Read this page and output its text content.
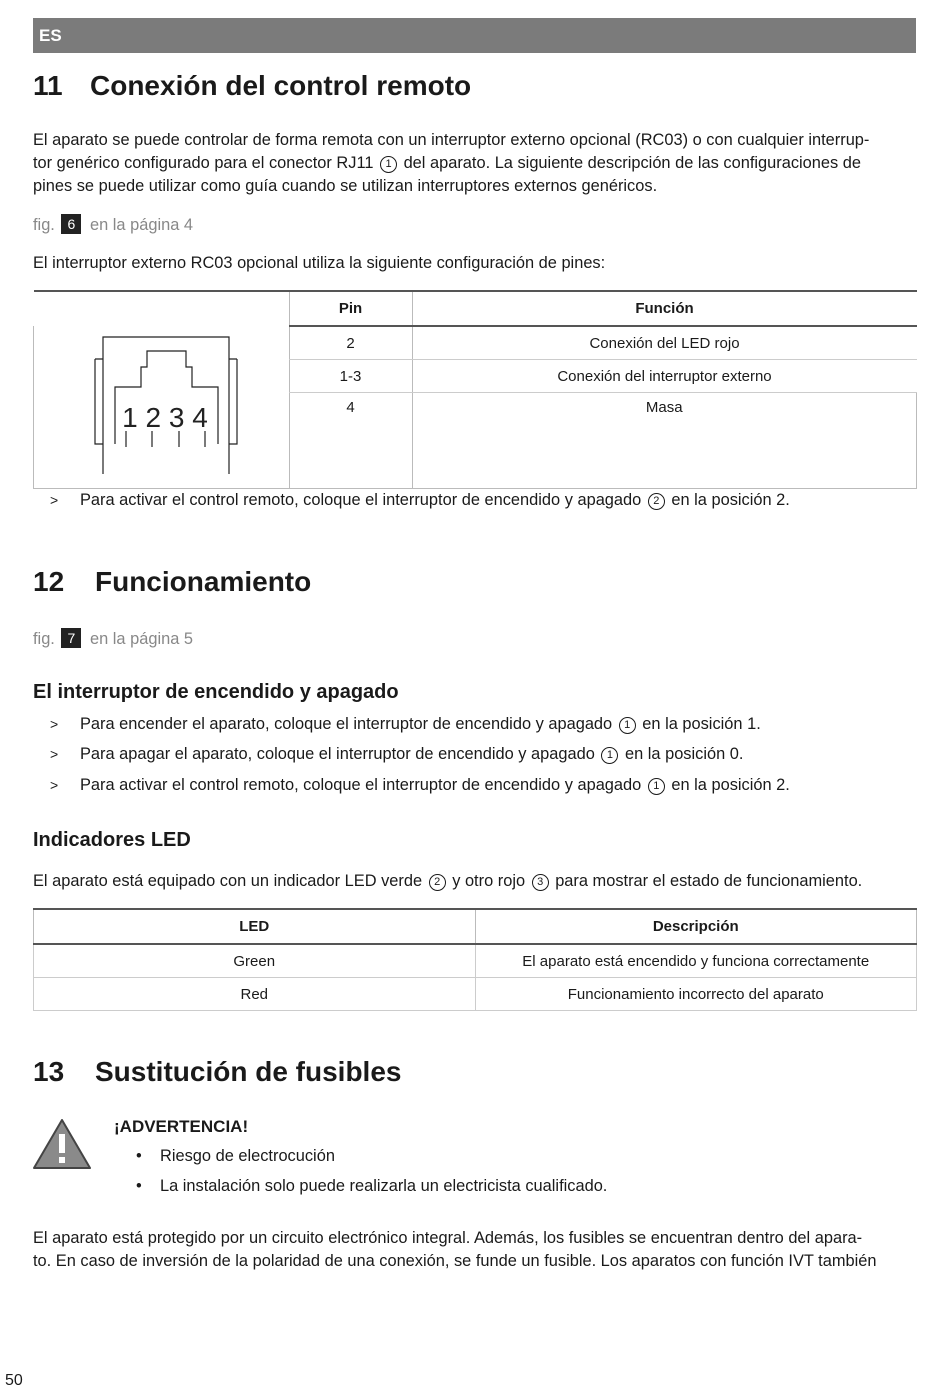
ES
11 Conexión del control remoto
El aparato se puede controlar de forma remota con un interruptor externo opcional (RC03) o con cualquier interrup-
tor genérico configurado para el conector RJ11 1 del aparato. La siguiente descripción de las configuraciones de
pines se puede utilizar como guía cuando se utilizan interruptores externos genéricos.
fig. 6 en la página 4
El interruptor externo RC03 opcional utiliza la siguiente configuración de pines:
	Pin	Función

1 2 3 4	2	Conexión del LED rojo
	1-3	Conexión del interruptor externo
	4	Masa
> Para activar el control remoto, coloque el interruptor de encendido y apagado 2 en la posición 2.
12 Funcionamiento
fig. 7 en la página 5
El interruptor de encendido y apagado
> Para encender el aparato, coloque el interruptor de encendido y apagado 1 en la posición 1.
> Para apagar el aparato, coloque el interruptor de encendido y apagado 1 en la posición 0.
> Para activar el control remoto, coloque el interruptor de encendido y apagado 1 en la posición 2.
Indicadores LED
El aparato está equipado con un indicador LED verde 2 y otro rojo 3 para mostrar el estado de funcionamiento.
LED	Descripción
Green	El aparato está encendido y funciona correctamente
Red	Funcionamiento incorrecto del aparato
13 Sustitución de fusibles
¡ADVERTENCIA!
• Riesgo de electrocución
• La instalación solo puede realizarla un electricista cualificado.
El aparato está protegido por un circuito electrónico integral. Además, los fusibles se encuentran dentro del apara-
to. En caso de inversión de la polaridad de una conexión, se funde un fusible. Los aparatos con función IVT también
50
